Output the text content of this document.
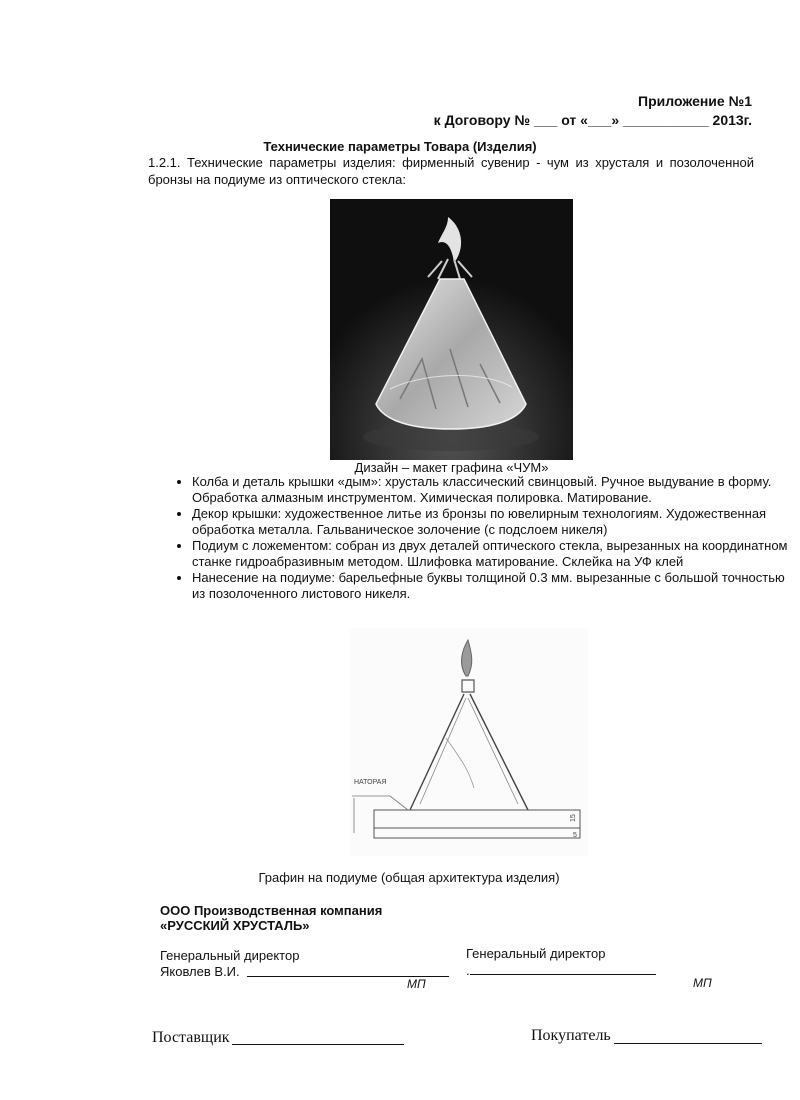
Приложение №1
к Договору № ___ от «___» ___________ 2013г.
Технические параметры Товара (Изделия)
1.2.1. Технические параметры изделия: фирменный сувенир - чум из хрусталя и позолоченной бронзы на подиуме из оптического стекла:
Дизайн – макет графина «ЧУМ»
• Колба и деталь крышки «дым»: хрусталь классический свинцовый. Ручное выдувание в форму. Обработка алмазным инструментом. Химическая полировка. Матирование.
• Декор крышки: художественное литье из бронзы по ювелирным технологиям. Художественная обработка металла. Гальваническое золочение (с подслоем никеля)
• Подиум с ложементом: собран из двух деталей оптического стекла, вырезанных на координатном станке гидроабразивным методом. Шлифовка матирование. Склейка на УФ клей
• Нанесение на подиуме: барельефные буквы толщиной 0.3 мм. вырезанные с большой точностью из позолоченного листового никеля.
НАТОРАЯ
15
5
Графин на подиуме (общая архитектура изделия)
ООО Производственная компания
«РУССКИЙ ХРУСТАЛЬ»
Генеральный директор
Яковлев В.И.
МП
Генеральный директор
.
МП
Поставщик	Покупатель
